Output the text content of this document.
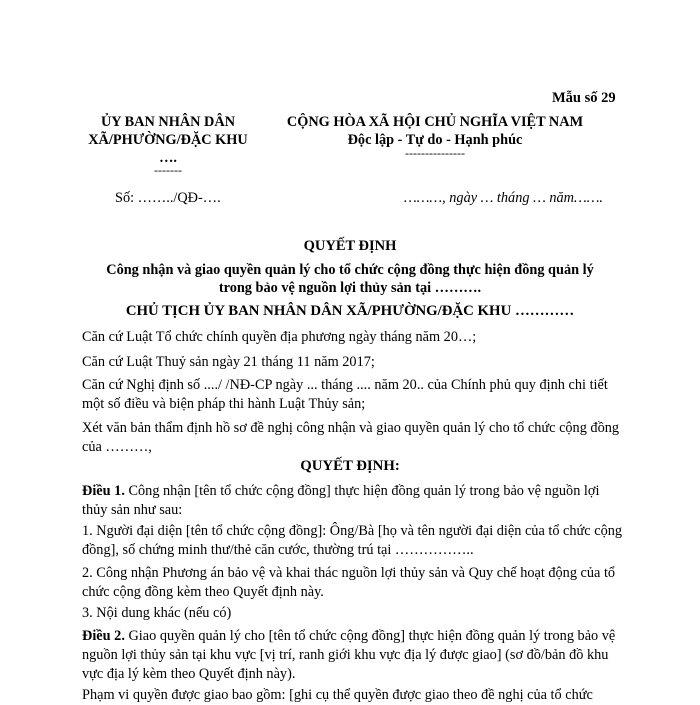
Mẫu số 29
ỦY BAN NHÂN DÂN
XÃ/PHƯỜNG/ĐẶC KHU
….
-------
CỘNG HÒA XÃ HỘI CHỦ NGHĨA VIỆT NAM
Độc lập - Tự do - Hạnh phúc
---------------
Số: ……../QĐ-….	………, ngày … tháng … năm…….
QUYẾT ĐỊNH
Công nhận và giao quyền quản lý cho tổ chức cộng đồng thực hiện đồng quản lý
trong bảo vệ nguồn lợi thủy sản tại ……….
CHỦ TỊCH ỦY BAN NHÂN DÂN XÃ/PHƯỜNG/ĐẶC KHU …………
Căn cứ Luật Tổ chức chính quyền địa phương ngày tháng năm 20…;
Căn cứ Luật Thuỷ sản ngày 21 tháng 11 năm 2017;
Căn cứ Nghị định số ..../ /NĐ-CP ngày ... tháng .... năm 20.. của Chính phủ quy định chi tiết một số điều và biện pháp thi hành Luật Thủy sản;
Xét văn bản thẩm định hồ sơ đề nghị công nhận và giao quyền quản lý cho tổ chức cộng đồng của ………,
QUYẾT ĐỊNH:
Điều 1. Công nhận [tên tổ chức cộng đồng] thực hiện đồng quản lý trong bảo vệ nguồn lợi thủy sản như sau:
1. Người đại diện [tên tổ chức cộng đồng]: Ông/Bà [họ và tên người đại diện của tổ chức cộng đồng], số chứng minh thư/thẻ căn cước, thường trú tại ……………..
2. Công nhận Phương án bảo vệ và khai thác nguồn lợi thủy sản và Quy chế hoạt động của tổ chức cộng đồng kèm theo Quyết định này.
3. Nội dung khác (nếu có)
Điều 2. Giao quyền quản lý cho [tên tổ chức cộng đồng] thực hiện đồng quản lý trong bảo vệ nguồn lợi thủy sản tại khu vực [vị trí, ranh giới khu vực địa lý được giao] (sơ đồ/bản đồ khu vực địa lý kèm theo Quyết định này).
Phạm vi quyền được giao bao gồm: [ghi cụ thể quyền được giao theo đề nghị của tổ chức
